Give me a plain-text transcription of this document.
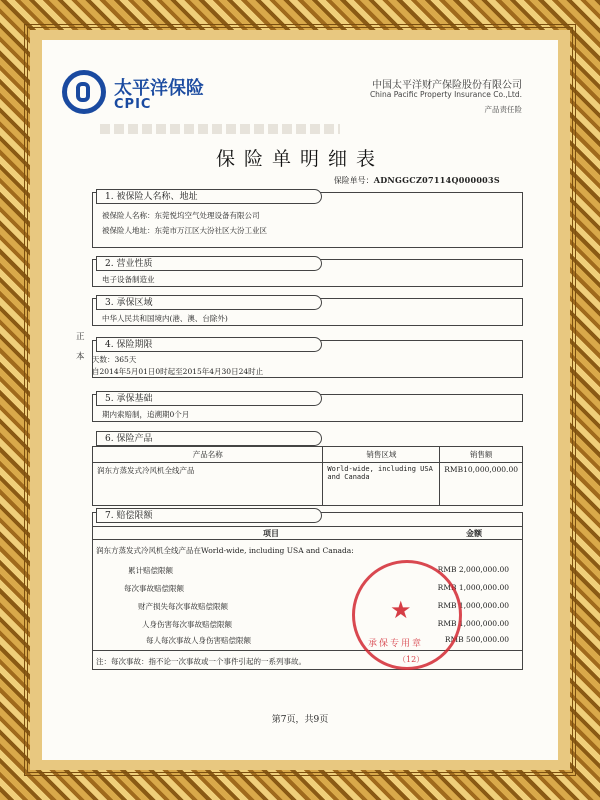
太平洋保险
CPIC
中国太平洋财产保险股份有限公司
China Pacific Property Insurance Co.,Ltd.
产品责任险
保险单明细表
保险单号：ADNGGCZ07114Q000003S
正
本
1. 被保险人名称、地址
被保险人名称：东莞悦坞空气处理设备有限公司
被保险人地址：东莞市万江区大汾社区大汾工业区
2. 营业性质
电子设备制造业
3. 承保区域
中华人民共和国境内(港、澳、台除外)
4. 保险期限
天数：365天
自2014年5月01日0时起至2015年4月30日24时止
5. 承保基础
期内索赔制，追溯期0个月
6. 保险产品
产品名称	销售区域	销售额
润东方蒸发式冷风机全线产品	World-wide, including USA and Canada	RMB10,000,000.00
7. 赔偿限额
项目	金额
润东方蒸发式冷风机全线产品在World-wide, including USA and Canada:
累计赔偿限额	RMB 2,000,000.00
每次事故赔偿限额	RMB 1,000,000.00
财产损失每次事故赔偿限额	RMB 1,000,000.00
人身伤害每次事故赔偿限额	RMB 1,000,000.00
每人每次事故人身伤害赔偿限额	RMB 500,000.00
注：每次事故：指不论一次事故或一个事件引起的一系列事故。
★
承保专用章
（12）
第7页，共9页
